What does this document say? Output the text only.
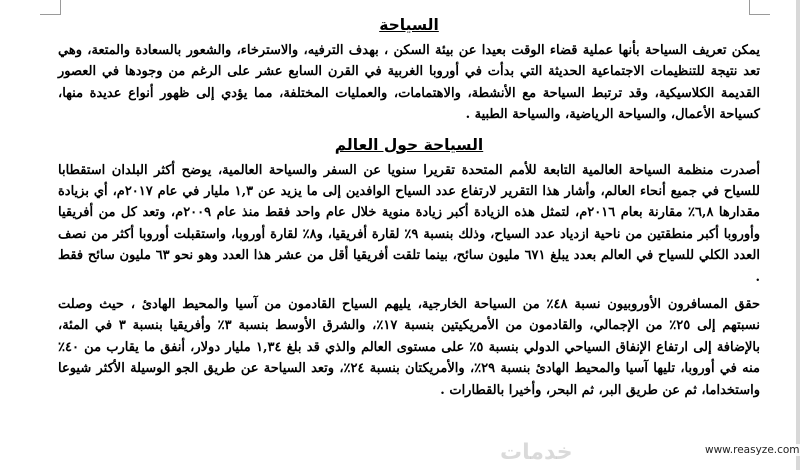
السياحة

يمكن تعريف السياحة بأنها عملية قضاء الوقت بعيدا عن بيئة السكن ، بهدف الترفيه، والاسترخاء، والشعور بالسعادة والمتعة، وهي تعد نتيجة للتنظيمات الاجتماعية الحديثة التي بدأت في أوروبا الغربية في القرن السابع عشر على الرغم من وجودها في العصور القديمة الكلاسيكية، وقد ترتبط السياحة مع الأنشطة، والاهتمامات، والعمليات المختلفة، مما يؤدي إلى ظهور أنواع عديدة منها، كسياحة الأعمال، والسياحة الرياضية، والسياحة الطبية .

السياحة حول العالم

أصدرت منظمة السياحة العالمية التابعة للأمم المتحدة تقريرا سنويا عن السفر والسياحة العالمية، يوضح أكثر البلدان استقطابا للسياح في جميع أنحاء العالم، وأشار هذا التقرير لارتفاع عدد السياح الوافدين إلى ما يزيد عن ١,٣ مليار في عام ٢٠١٧م، أي بزيادة مقدارها ٦,٨٪ مقارنة بعام ٢٠١٦م، لتمثل هذه الزيادة أكبر زيادة منوية خلال عام واحد فقط منذ عام ٢٠٠٩م، وتعد كل من أفريقيا وأوروبا أكبر منطقتين من ناحية ازدياد عدد السياح، وذلك بنسبة ٩٪ لقارة أفريقيا، و٨٪ لقارة أوروبا، واستقبلت أوروبا أكثر من نصف العدد الكلي للسياح في العالم بعدد يبلغ ٦٧١ مليون سائح، بينما تلقت أفريقيا أقل من عشر هذا العدد وهو نحو ٦٣ مليون سائح فقط .

حقق المسافرون الأوروبيون نسبة ٤٨٪ من السياحة الخارجية، يليهم السياح القادمون من آسيا والمحيط الهادئ ، حيث وصلت نسبتهم إلى ٢٥٪ من الإجمالي، والقادمون من الأمريكيتين بنسبة ١٧٪، والشرق الأوسط بنسبة ٣٪ وأفريقيا بنسبة ٣ في المئة، بالإضافة إلى ارتفاع الإنفاق السياحي الدولي بنسبة ٥٪ على مستوى العالم والذي قد بلغ ١,٣٤ مليار دولار، أنفق ما يقارب من ٤٠٪ منه في أوروبا، تليها آسيا والمحيط الهادئ بنسبة ٢٩٪، والأمريكتان بنسبة ٢٤٪، وتعد السياحة عن طريق الجو الوسيلة الأكثر شيوعا واستخداما، ثم عن طريق البر، ثم البحر، وأخيرا بالقطارات .

خدمات	www.reasyze.com
